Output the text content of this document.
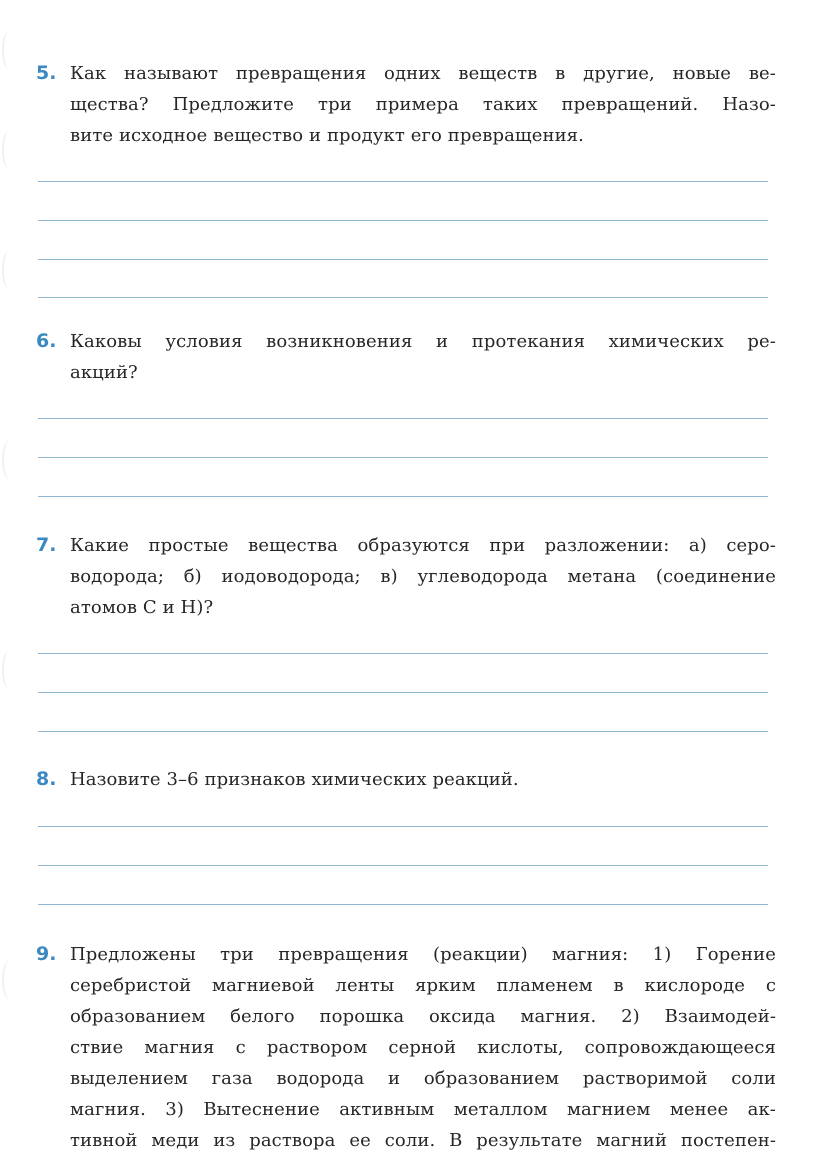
5. Как называют превращения одних веществ в другие, новые ве-
щества? Предложите три примера таких превращений. Назо-
вите исходное вещество и продукт его превращения.
6. Каковы условия возникновения и протекания химических ре-
акций?
7. Какие простые вещества образуются при разложении: а) серо-
водорода; б) иодоводорода; в) углеводорода метана (соединение
атомов С и Н)?
8. Назовите 3–6 признаков химических реакций.
9. Предложены три превращения (реакции) магния: 1) Горение
серебристой магниевой ленты ярким пламенем в кислороде с
образованием белого порошка оксида магния. 2) Взаимодей-
ствие магния с раствором серной кислоты, сопровождающееся
выделением газа водорода и образованием растворимой соли
магния. 3) Вытеснение активным металлом магнием менее ак-
тивной меди из раствора ее соли. В результате магний постепен-
